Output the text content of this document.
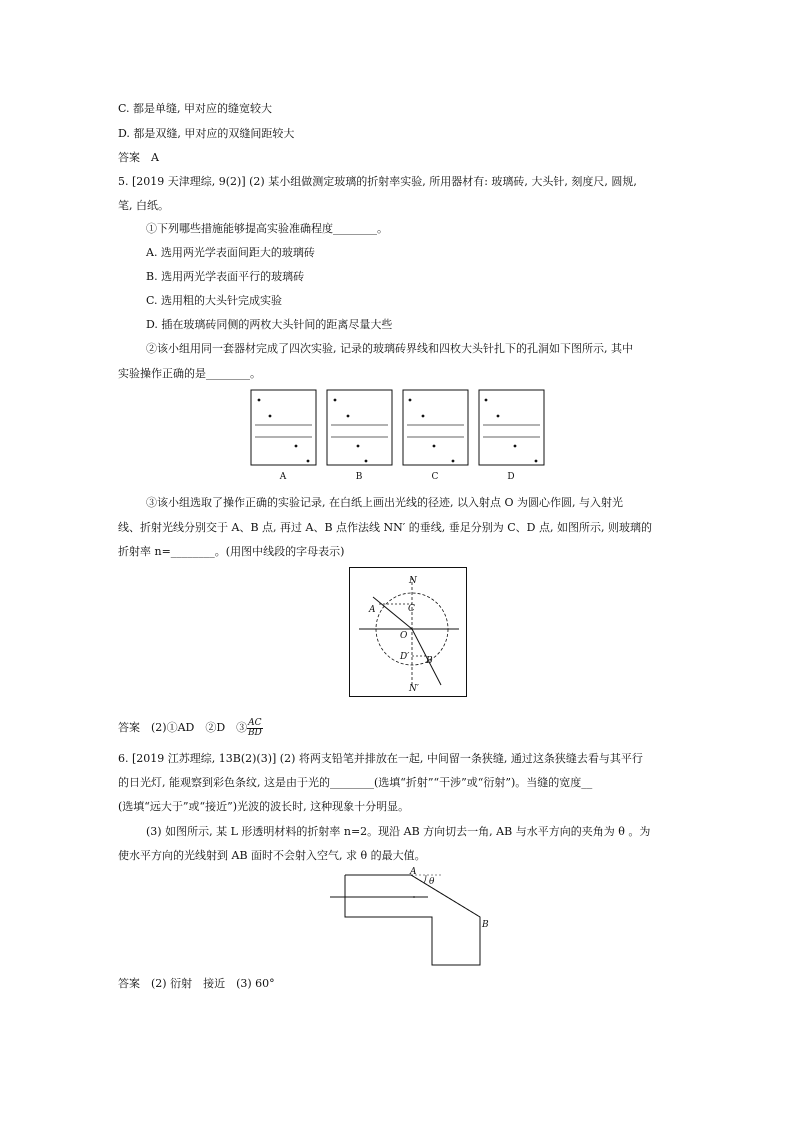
C. 都是单缝, 甲对应的缝宽较大
D. 都是双缝, 甲对应的双缝间距较大
答案　A
5. [2019 天津理综, 9(2)] (2) 某小组做测定玻璃的折射率实验, 所用器材有: 玻璃砖, 大头针, 刻度尺, 圆规,
笔, 白纸。
①下列哪些措施能够提高实验准确程度________。
A. 选用两光学表面间距大的玻璃砖
B. 选用两光学表面平行的玻璃砖
C. 选用粗的大头针完成实验
D. 插在玻璃砖同侧的两枚大头针间的距离尽量大些
②该小组用同一套器材完成了四次实验, 记录的玻璃砖界线和四枚大头针扎下的孔洞如下图所示, 其中
实验操作正确的是________。
A	B	C	D
③该小组选取了操作正确的实验记录, 在白纸上画出光线的径迹, 以入射点 O 为圆心作圆, 与入射光
线、折射光线分别交于 A、B 点, 再过 A、B 点作法线 NN′ 的垂线, 垂足分别为 C、D 点, 如图所示, 则玻璃的
折射率 n=________。(用图中线段的字母表示)
N
A	C
O
D′ B
N′
答案　(2)①AD　②D　③ $\frac{AC}{BD}$
6. [2019 江苏理综, 13B(2)(3)] (2) 将两支铅笔并排放在一起, 中间留一条狭缝, 通过这条狭缝去看与其平行
的日光灯, 能观察到彩色条纹, 这是由于光的________(选填“折射”“干涉”或“衍射”)。当缝的宽度__
(选填“远大于”或“接近”)光波的波长时, 这种现象十分明显。
(3) 如图所示, 某 L 形透明材料的折射率 n=2。现沿 AB 方向切去一角, AB 与水平方向的夹角为 θ 。为
使水平方向的光线射到 AB 面时不会射入空气, 求 θ 的最大值。
A
θ
B
答案　(2) 衍射　接近　(3) 60°
